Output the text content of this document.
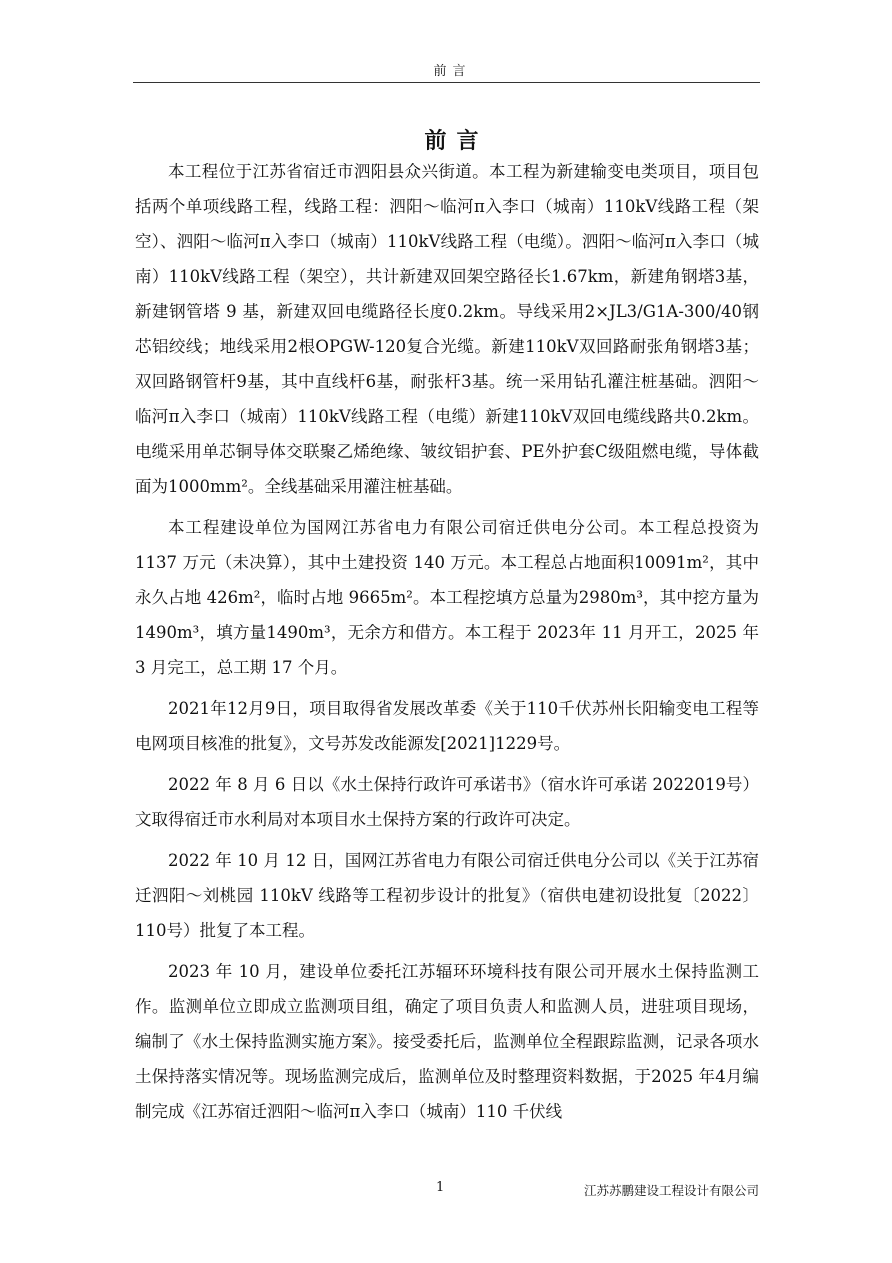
前言
前言

本工程位于江苏省宿迁市泗阳县众兴街道。本工程为新建输变电类项目，项目包括两个单项线路工程，线路工程：泗阳～临河π入李口（城南）110kV线路工程（架空）、泗阳～临河π入李口（城南）110kV线路工程（电缆）。泗阳～临河π入李口（城南）110kV线路工程（架空），共计新建双回架空路径长1.67km，新建角钢塔3基，新建钢管塔 9 基，新建双回电缆路径长度0.2km。导线采用2×JL3/G1A-300/40钢芯铝绞线；地线采用2根OPGW-120复合光缆。新建110kV双回路耐张角钢塔3基；双回路钢管杆9基，其中直线杆6基，耐张杆3基。统一采用钻孔灌注桩基础。泗阳～临河π入李口（城南）110kV线路工程（电缆）新建110kV双回电缆线路共0.2km。电缆采用单芯铜导体交联聚乙烯绝缘、皱纹铝护套、PE外护套C级阻燃电缆，导体截面为1000mm²。全线基础采用灌注桩基础。

本工程建设单位为国网江苏省电力有限公司宿迁供电分公司。本工程总投资为 1137 万元（未决算），其中土建投资 140 万元。本工程总占地面积10091m²，其中永久占地 426m²，临时占地 9665m²。本工程挖填方总量为2980m³，其中挖方量为1490m³，填方量1490m³，无余方和借方。本工程于 2023年 11 月开工，2025 年 3 月完工，总工期 17 个月。

2021年12月9日，项目取得省发展改革委《关于110千伏苏州长阳输变电工程等电网项目核准的批复》，文号苏发改能源发[2021]1229号。

2022 年 8 月 6 日以《水土保持行政许可承诺书》（宿水许可承诺 2022019号）文取得宿迁市水利局对本项目水土保持方案的行政许可决定。

2022 年 10 月 12 日，国网江苏省电力有限公司宿迁供电分公司以《关于江苏宿迁泗阳～刘桃园 110kV 线路等工程初步设计的批复》（宿供电建初设批复〔2022〕110号）批复了本工程。

2023 年 10 月，建设单位委托江苏辐环环境科技有限公司开展水土保持监测工作。监测单位立即成立监测项目组，确定了项目负责人和监测人员，进驻项目现场，编制了《水土保持监测实施方案》。接受委托后，监测单位全程跟踪监测，记录各项水土保持落实情况等。现场监测完成后，监测单位及时整理资料数据，于2025 年4月编制完成《江苏宿迁泗阳～临河π入李口（城南）110 千伏线

1	江苏苏鹏建设工程设计有限公司
